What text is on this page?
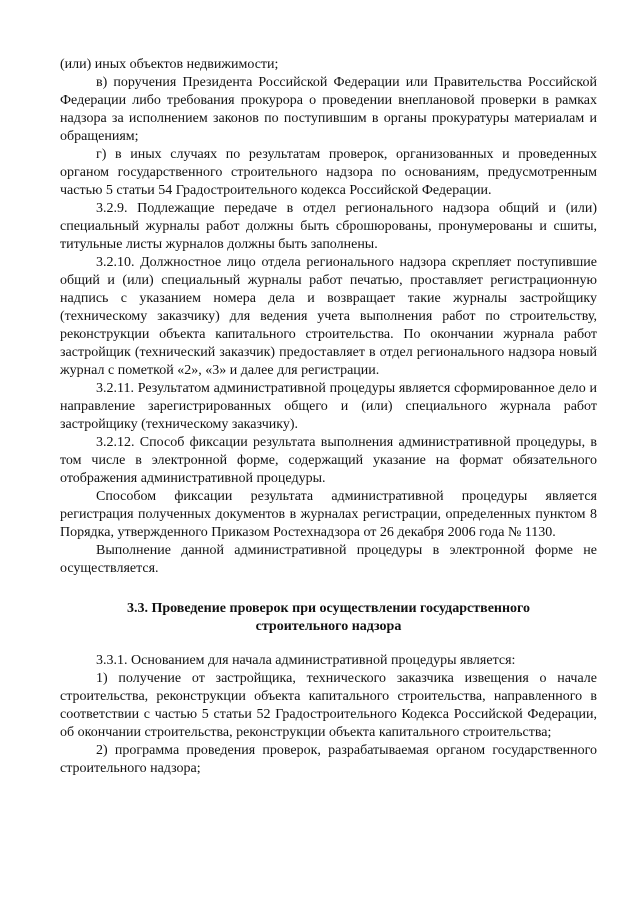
(или) иных объектов недвижимости;

в) поручения Президента Российской Федерации или Правительства Российской Федерации либо требования прокурора о проведении внеплановой проверки в рамках надзора за исполнением законов по поступившим в органы прокуратуры материалам и обращениям;

г) в иных случаях по результатам проверок, организованных и проведенных органом государственного строительного надзора по основаниям, предусмотренным частью 5 статьи 54 Градостроительного кодекса Российской Федерации.

3.2.9. Подлежащие передаче в отдел регионального надзора общий и (или) специальный журналы работ должны быть сброшюрованы, пронумерованы и сшиты, титульные листы журналов должны быть заполнены.

3.2.10. Должностное лицо отдела регионального надзора скрепляет поступившие общий и (или) специальный журналы работ печатью, проставляет регистрационную надпись с указанием номера дела и возвращает такие журналы застройщику (техническому заказчику) для ведения учета выполнения работ по строительству, реконструкции объекта капитального строительства. По окончании журнала работ застройщик (технический заказчик) предоставляет в отдел регионального надзора новый журнал с пометкой «2», «3» и далее для регистрации.

3.2.11. Результатом административной процедуры является сформированное дело и направление зарегистрированных общего и (или) специального журнала работ застройщику (техническому заказчику).

3.2.12. Способ фиксации результата выполнения административной процедуры, в том числе в электронной форме, содержащий указание на формат обязательного отображения административной процедуры.

Способом фиксации результата административной процедуры является регистрация полученных документов в журналах регистрации, определенных пунктом 8 Порядка, утвержденного Приказом Ростехнадзора от 26 декабря 2006 года № 1130.

Выполнение данной административной процедуры в электронной форме не осуществляется.

3.3. Проведение проверок при осуществлении государственного строительного надзора

3.3.1. Основанием для начала административной процедуры является:

1) получение от застройщика, технического заказчика извещения о начале строительства, реконструкции объекта капитального строительства, направленного в соответствии с частью 5 статьи 52 Градостроительного Кодекса Российской Федерации, об окончании строительства, реконструкции объекта капитального строительства;

2) программа проведения проверок, разрабатываемая органом государственного строительного надзора;
